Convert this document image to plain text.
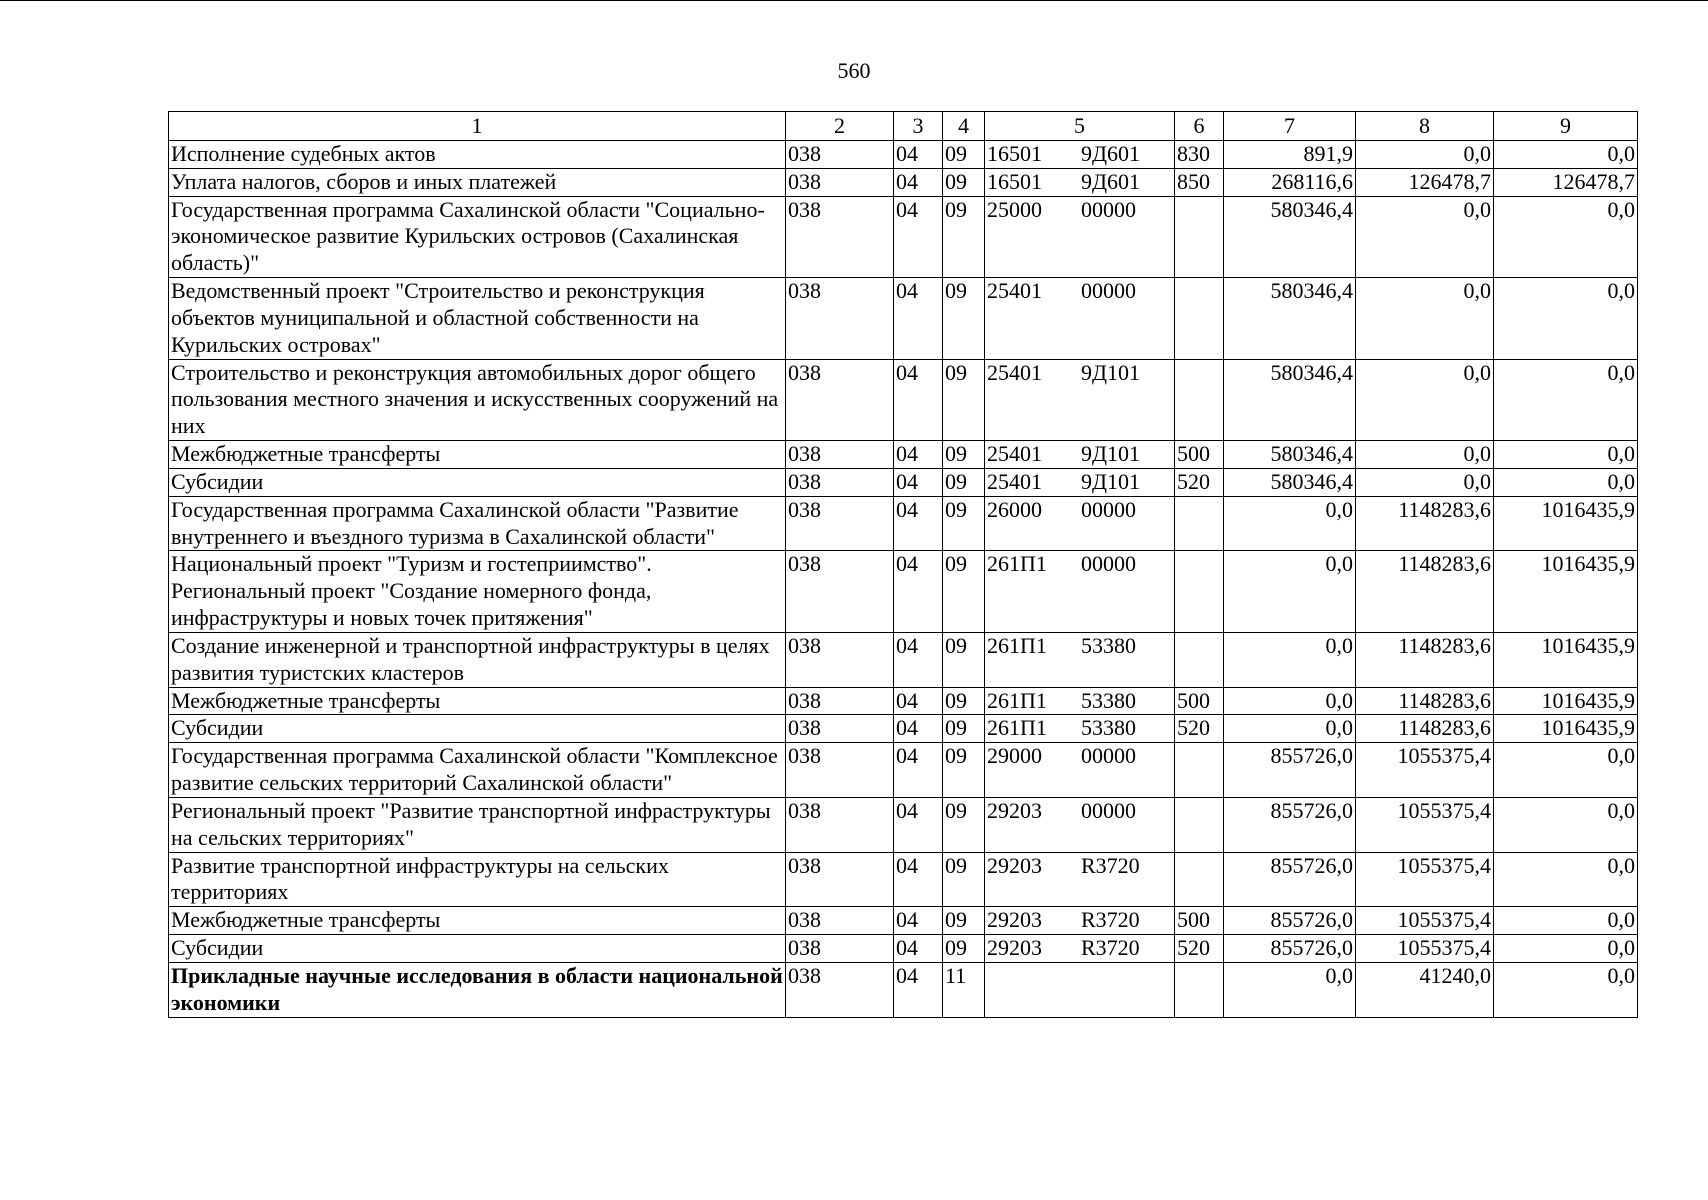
560
1	2	3	4	5	6	7	8	9
Исполнение судебных актов	038	04	09	16501 9Д601	830	891,9	0,0	0,0
Уплата налогов, сборов и иных платежей	038	04	09	16501 9Д601	850	268116,6	126478,7	126478,7
Государственная программа Сахалинской области "Социально-экономическое развитие Курильских островов (Сахалинская область)"	038	04	09	25000 00000		580346,4	0,0	0,0
Ведомственный проект "Строительство и реконструкция объектов муниципальной и областной собственности на Курильских островах"	038	04	09	25401 00000		580346,4	0,0	0,0
Строительство и реконструкция автомобильных дорог общего пользования местного значения и искусственных сооружений на них	038	04	09	25401 9Д101		580346,4	0,0	0,0
Межбюджетные трансферты	038	04	09	25401 9Д101	500	580346,4	0,0	0,0
Субсидии	038	04	09	25401 9Д101	520	580346,4	0,0	0,0
Государственная программа Сахалинской области "Развитие внутреннего и въездного туризма в Сахалинской области"	038	04	09	26000 00000		0,0	1148283,6	1016435,9
Национальный проект "Туризм и гостеприимство". Региональный проект "Создание номерного фонда, инфраструктуры и новых точек притяжения"	038	04	09	261П1 00000		0,0	1148283,6	1016435,9
Создание инженерной и транспортной инфраструктуры в целях развития туристских кластеров	038	04	09	261П1 53380		0,0	1148283,6	1016435,9
Межбюджетные трансферты	038	04	09	261П1 53380	500	0,0	1148283,6	1016435,9
Субсидии	038	04	09	261П1 53380	520	0,0	1148283,6	1016435,9
Государственная программа Сахалинской области "Комплексное развитие сельских территорий Сахалинской области"	038	04	09	29000 00000		855726,0	1055375,4	0,0
Региональный проект "Развитие транспортной инфраструктуры на сельских территориях"	038	04	09	29203 00000		855726,0	1055375,4	0,0
Развитие транспортной инфраструктуры на сельских территориях	038	04	09	29203 R3720		855726,0	1055375,4	0,0
Межбюджетные трансферты	038	04	09	29203 R3720	500	855726,0	1055375,4	0,0
Субсидии	038	04	09	29203 R3720	520	855726,0	1055375,4	0,0
Прикладные научные исследования в области национальной экономики	038	04	11			0,0	41240,0	0,0
